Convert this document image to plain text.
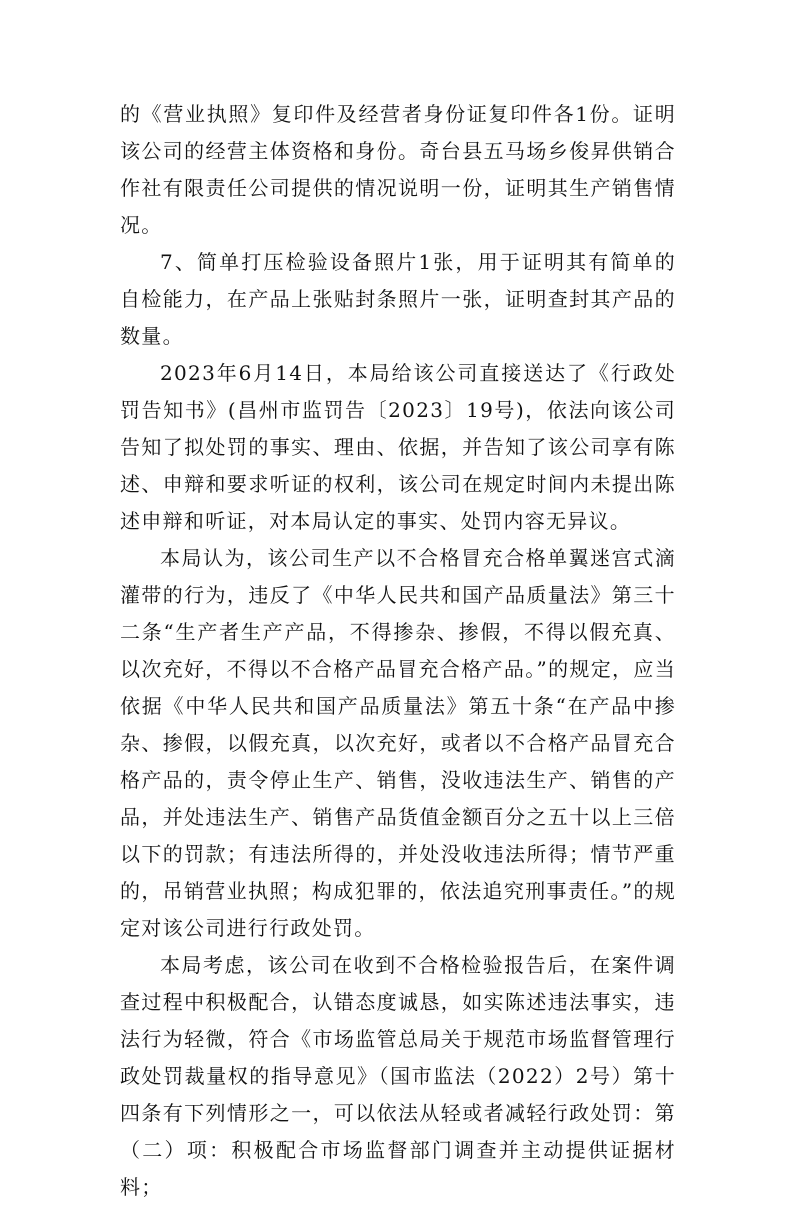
的《营业执照》复印件及经营者身份证复印件各1份。证明该公司的经营主体资格和身份。奇台县五马场乡俊昇供销合作社有限责任公司提供的情况说明一份，证明其生产销售情况。

7、简单打压检验设备照片1张，用于证明其有简单的自检能力，在产品上张贴封条照片一张，证明查封其产品的数量。

2023年6月14日，本局给该公司直接送达了《行政处罚告知书》(昌州市监罚告〔2023〕19号)，依法向该公司告知了拟处罚的事实、理由、依据，并告知了该公司享有陈述、申辩和要求听证的权利，该公司在规定时间内未提出陈述申辩和听证，对本局认定的事实、处罚内容无异议。

本局认为，该公司生产以不合格冒充合格单翼迷宫式滴灌带的行为，违反了《中华人民共和国产品质量法》第三十二条“生产者生产产品，不得掺杂、掺假，不得以假充真、以次充好，不得以不合格产品冒充合格产品。”的规定，应当依据《中华人民共和国产品质量法》第五十条“在产品中掺杂、掺假，以假充真，以次充好，或者以不合格产品冒充合格产品的，责令停止生产、销售，没收违法生产、销售的产品，并处违法生产、销售产品货值金额百分之五十以上三倍以下的罚款；有违法所得的，并处没收违法所得；情节严重的，吊销营业执照；构成犯罪的，依法追究刑事责任。”的规定对该公司进行行政处罚。

本局考虑，该公司在收到不合格检验报告后，在案件调查过程中积极配合，认错态度诚恳，如实陈述违法事实，违法行为轻微，符合《市场监管总局关于规范市场监督管理行政处罚裁量权的指导意见》（国市监法（2022）2号）第十四条有下列情形之一，可以依法从轻或者减轻行政处罚：第（二）项：积极配合市场监督部门调查并主动提供证据材料；
